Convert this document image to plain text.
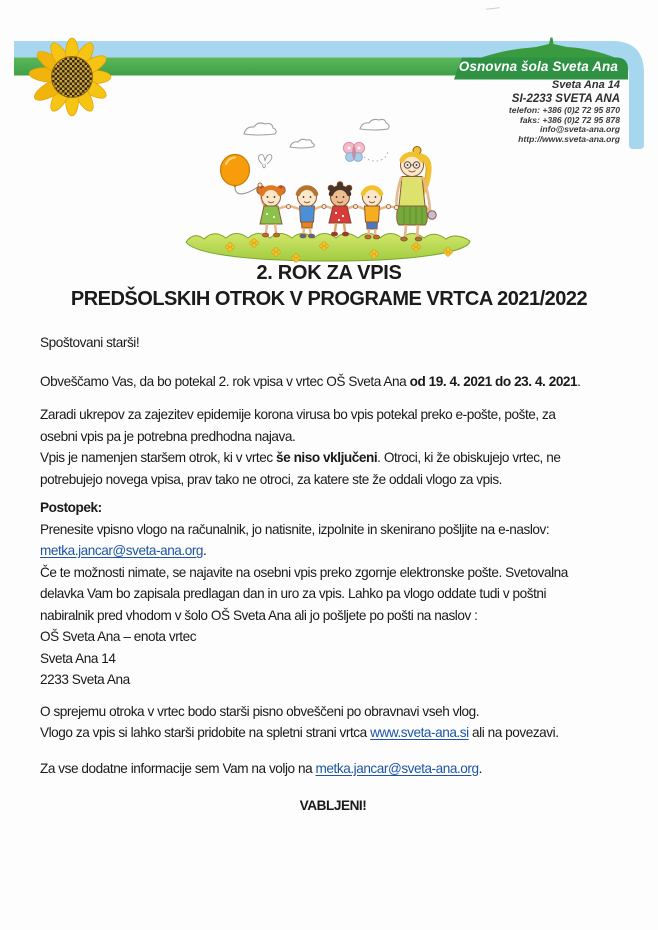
Osnovna šola Sveta Ana
Sveta Ana 14
SI-2233 SVETA ANA
telefon: +386 (0)2 72 95 870
faks: +386 (0)2 72 95 878
info@sveta-ana.org
http://www.sveta-ana.org
2. ROK ZA VPIS
PREDŠOLSKIH OTROK V PROGRAME VRTCA 2021/2022
Spoštovani starši!
Obveščamo Vas, da bo potekal 2. rok vpisa v vrtec OŠ Sveta Ana od 19. 4. 2021 do 23. 4. 2021.
Zaradi ukrepov za zajezitev epidemije korona virusa bo vpis potekal preko e-pošte, pošte, za
osebni vpis pa je potrebna predhodna najava.
Vpis je namenjen staršem otrok, ki v vrtec še niso vključeni. Otroci, ki že obiskujejo vrtec, ne
potrebujejo novega vpisa, prav tako ne otroci, za katere ste že oddali vlogo za vpis.
Postopek:
Prenesite vpisno vlogo na računalnik, jo natisnite, izpolnite in skenirano pošljite na e-naslov:
metka.jancar@sveta-ana.org.
Če te možnosti nimate, se najavite na osebni vpis preko zgornje elektronske pošte. Svetovalna
delavka Vam bo zapisala predlagan dan in uro za vpis. Lahko pa vlogo oddate tudi v poštni
nabiralnik pred vhodom v šolo OŠ Sveta Ana ali jo pošljete po pošti na naslov :
OŠ Sveta Ana – enota vrtec
Sveta Ana 14
2233 Sveta Ana
O sprejemu otroka v vrtec bodo starši pisno obveščeni po obravnavi vseh vlog.
Vlogo za vpis si lahko starši pridobite na spletni strani vrtca www.sveta-ana.si ali na povezavi.
Za vse dodatne informacije sem Vam na voljo na metka.jancar@sveta-ana.org.
VABLJENI!
